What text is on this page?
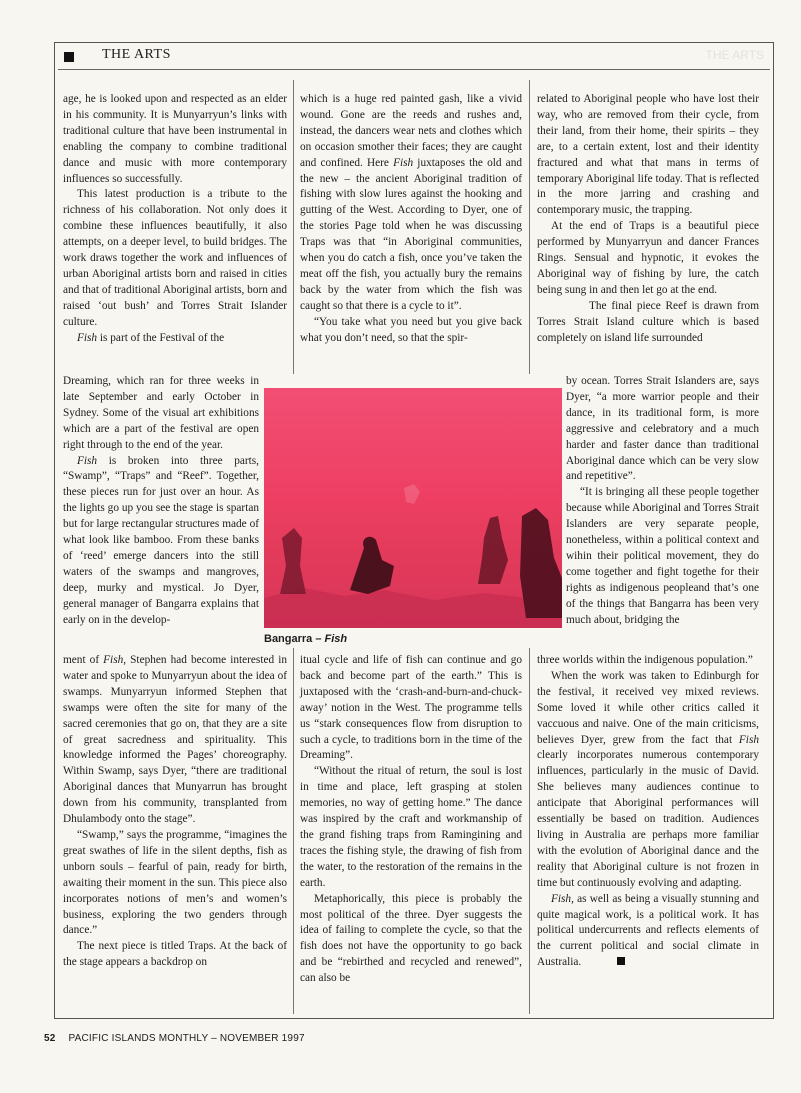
THE ARTS	THE ARTS

age, he is looked upon and respected as an elder in his community. It is Munyarryun’s links with traditional culture that have been instrumental in enabling the company to combine traditional dance and music with more contemporary influences so successfully.

This latest production is a tribute to the richness of his collaboration. Not only does it combine these influences beautifully, it also attempts, on a deeper level, to build bridges. The work draws together the work and influences of urban Aboriginal artists born and raised in cities and that of traditional Aboriginal artists, born and raised ‘out bush’ and Torres Strait Islander culture.

Fish is part of the Festival of the

Dreaming, which ran for three weeks in late September and early October in Sydney. Some of the visual art exhibitions which are a part of the festival are open right through to the end of the year.

Fish is broken into three parts, “Swamp”, “Traps” and “Reef”. Together, these pieces run for just over an hour. As the lights go up you see the stage is spartan but for large rectangular structures made of what look like bamboo. From these banks of ‘reed’ emerge dancers into the still waters of the swamps and mangroves, deep, murky and mystical. Jo Dyer, general manager of Bangarra explains that early on in the develop-

ment of Fish, Stephen had become interested in water and spoke to Munyarryun about the idea of swamps. Munyarryun informed Stephen that swamps were often the site for many of the sacred ceremonies that go on, that they are a site of great sacredness and spirituality. This knowledge informed the Pages’ choreography. Within Swamp, says Dyer, “there are traditional Aboriginal dances that Munyarrun has brought down from his community, transplanted from Dhulambody onto the stage”.

“Swamp,” says the programme, “imagines the great swathes of life in the silent depths, fish as unborn souls – fearful of pain, ready for birth, awaiting their moment in the sun. This piece also incorporates notions of men’s and women’s business, exploring the two genders through dance.”

The next piece is titled Traps. At the back of the stage appears a backdrop on

which is a huge red painted gash, like a vivid wound. Gone are the reeds and rushes and, instead, the dancers wear nets and clothes which on occasion smother their faces; they are caught and confined. Here Fish juxtaposes the old and the new – the ancient Aboriginal tradition of fishing with slow lures against the hooking and gutting of the West. According to Dyer, one of the stories Page told when he was discussing Traps was that “in Aboriginal communities, when you do catch a fish, once you’ve taken the meat off the fish, you actually bury the remains back by the water from which the fish was caught so that there is a cycle to it”.

“You take what you need but you give back what you don’t need, so that the spir-

itual cycle and life of fish can continue and go back and become part of the earth.” This is juxtaposed with the ‘crash-and-burn-and-chuck-away’ notion in the West. The programme tells us “stark consequences flow from disruption to such a cycle, to traditions born in the time of the Dreaming”.

“Without the ritual of return, the soul is lost in time and place, left grasping at stolen memories, no way of getting home.” The dance was inspired by the craft and workmanship of the grand fishing traps from Ramingining and traces the fishing style, the drawing of fish from the water, to the restoration of the remains in the earth.

Metaphorically, this piece is probably the most political of the three. Dyer suggests the idea of failing to complete the cycle, so that the fish does not have the opportunity to go back and be “rebirthed and recycled and renewed”, can also be

related to Aboriginal people who have lost their way, who are removed from their cycle, from their land, from their home, their spirits – they are, to a certain extent, lost and their identity fractured and what that mans in terms of temporary Aboriginal life today. That is reflected in the more jarring and crashing and contemporary music, the trapping.

At the end of Traps is a beautiful piece performed by Munyarryun and dancer Frances Rings. Sensual and hypnotic, it evokes the Aboriginal way of fishing by lure, the catch being sung in and then let go at the end.

The final piece Reef is drawn from Torres Strait Island culture which is based completely on island life surrounded

by ocean. Torres Strait Islanders are, says Dyer, “a more warrior people and their dance, in its traditional form, is more aggressive and celebratory and a much harder and faster dance than traditional Aboriginal dance which can be very slow and repetitive”.

“It is bringing all these people together because while Aboriginal and Torres Strait Islanders are very separate people, nonetheless, within a political context and wihin their political movement, they do come together and fight togethe for their rights as indigenous peopleand that’s one of the things that Bangarra has been very much about, bridging the

three worlds within the indigenous population.”

When the work was taken to Edinburgh for the festival, it received vey mixed reviews. Some loved it while other critics called it vaccuous and naive. One of the main criticisms, believes Dyer, grew from the fact that Fish clearly incorporates numerous contemporary influences, particularly in the music of David. She believes many audiences continue to anticipate that Aboriginal performances will essentially be based on tradition. Audiences living in Australia are perhaps more familiar with the evolution of Aboriginal dance and the reality that Aboriginal culture is not frozen in time but continuously evolving and adapting.

Fish, as well as being a visually stunning and quite magical work, is a political work. It has political undercurrents and reflects elements of the current political and social climate in Australia.

Bangarra – Fish
52 PACIFIC ISLANDS MONTHLY – NOVEMBER 1997
